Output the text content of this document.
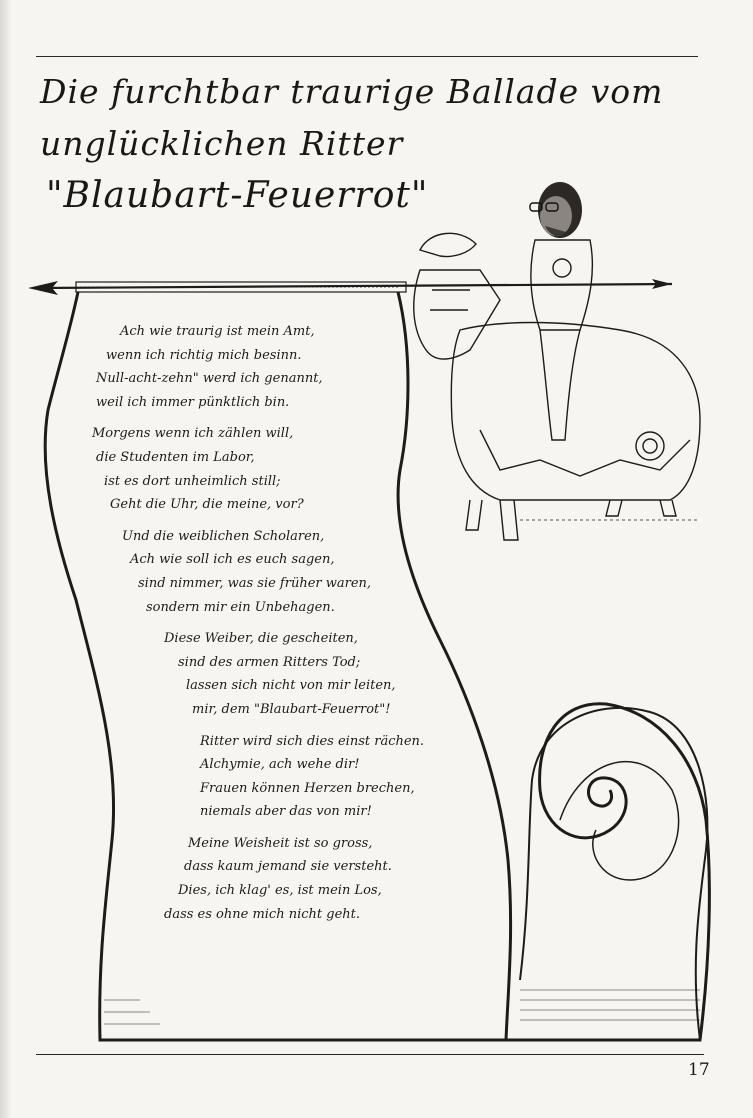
Die furchtbar traurige Ballade vom
unglücklichen Ritter
"Blaubart-Feuerrot"
Ach wie traurig ist mein Amt,
wenn ich richtig mich besinn.
Null-acht-zehn" werd ich genannt,
weil ich immer pünktlich bin.
Morgens wenn ich zählen will,
die Studenten im Labor,
ist es dort unheimlich still;
Geht die Uhr, die meine, vor?
Und die weiblichen Scholaren,
Ach wie soll ich es euch sagen,
sind nimmer, was sie früher waren,
sondern mir ein Unbehagen.
Diese Weiber, die gescheiten,
sind des armen Ritters Tod;
lassen sich nicht von mir leiten,
mir, dem "Blaubart-Feuerrot"!
Ritter wird sich dies einst rächen.
Alchymie, ach wehe dir!
Frauen können Herzen brechen,
niemals aber das von mir!
Meine Weisheit ist so gross,
dass kaum jemand sie versteht.
Dies, ich klag' es, ist mein Los,
dass es ohne mich nicht geht.
17
